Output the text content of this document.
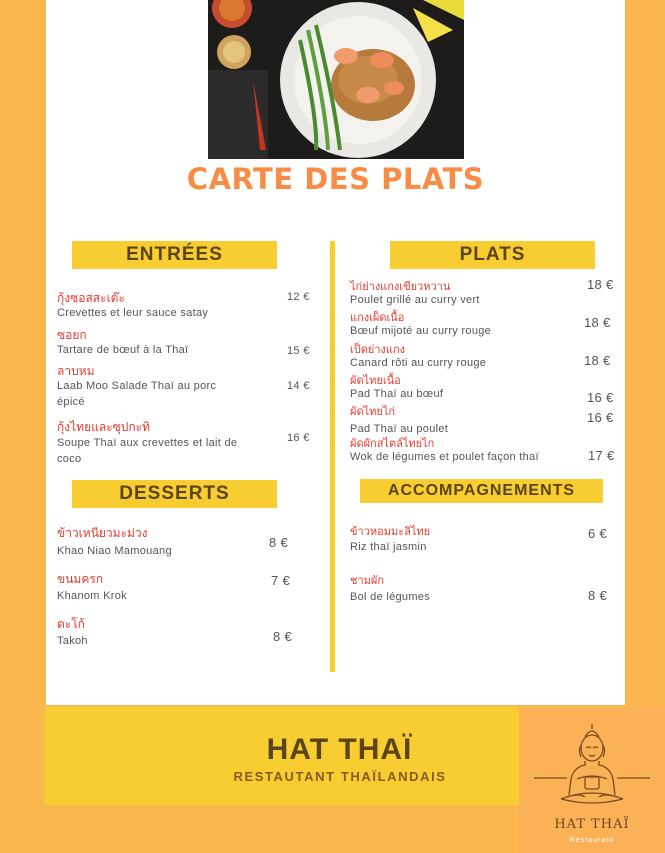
CARTE DES PLATS
ENTRÉES	PLATS
DESSERTS	ACCOMPAGNEMENTS
กุ้งซอสสะเต๊ะ
Crevettes et leur sauce satay
12 €
ซอยก
Tartare de bœuf à la Thaï	15 €
ลาบหม
Laab Moo Salade Thaï au porc épicé
14 €
กุ้งไทยและซุปกะทิ
Soupe Thaï aux crevettes et lait de coco
16 €
ข้าวเหนียวมะม่วง
Khao Niao Mamouang
8 €
ขนมครก
Khanom Krok
7 €
ตะโก้
Takoh	8 €
ไก่ย่างแกงเขียวหวาน
Poulet grillé au curry vert
18 €
แกงเผ็ดเนื้อ
Bœuf mijoté au curry rouge
18 €
เป็ดย่างแกง
Canard rôti au curry rouge	18 €
ผัดไทยเนื้อ
Pad Thaï au bœuf	16 €
ผัดไทยไก่
Pad Thaï au poulet
16 €
ผัดผักสไตล์ไทยไก
Wok de légumes et poulet façon thaï	17 €
ข้าวหอมมะลิไทย
Riz thaï jasmin
6 €
ชามผัก
Bol de légumes	8 €
HAT THAÏ
RESTAUTANT THAÏLANDAIS
HAT THAÏ
Restaurant
